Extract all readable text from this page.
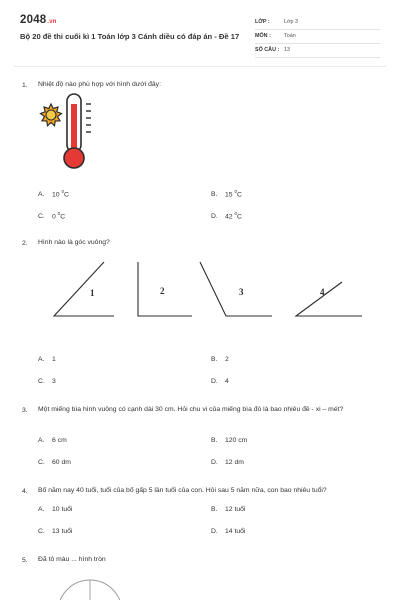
2048.vn
Bộ 20 đề thi cuối kì 1 Toán lớp 3 Cánh diều có đáp án - Đề 17
LỚP :	Lớp 3
MÔN : Toán
SỐ CÂU : 13
1. Nhiệt độ nào phù hợp với hình dưới đây:
A. 10 $^0$C	B. 15 $^0$C
C. 0 $^0$C	D. 42 $^0$C
2. Hình nào là góc vuông?
1	2	3	4
A. 1	B. 2
C. 3	D. 4
3. Một miếng bìa hình vuông có cạnh dài 30 cm. Hỏi chu vi của miếng bìa đó là bao nhiêu đề - xi – mét?
A. 6 cm	B. 120 cm
C. 60 dm	D. 12 dm
4. Bố năm nay 40 tuổi, tuổi của bố gấp 5 lần tuổi của con. Hỏi sau 5 năm nữa, con bao nhiêu tuổi?
A. 10 tuổi	B. 12 tuổi
C. 13 tuổi	D. 14 tuổi
5. Đã tô màu ... hình tròn
